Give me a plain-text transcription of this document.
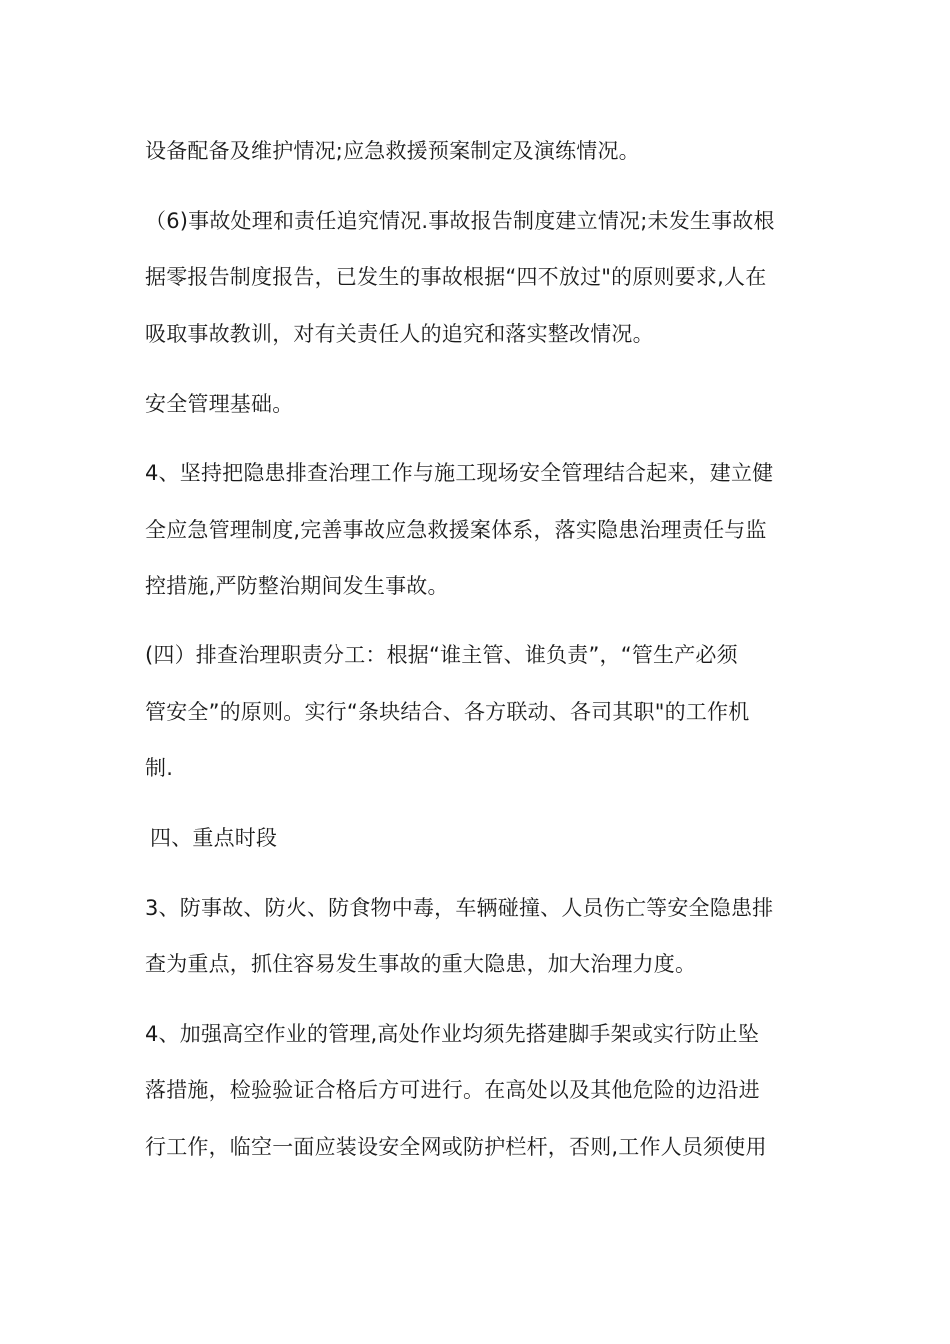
设备配备及维护情况;应急救援预案制定及演练情况。
（6)事故处理和责任追究情况.事故报告制度建立情况;未发生事故根
据零报告制度报告，已发生的事故根据“四不放过"的原则要求,人在
吸取事故教训，对有关责任人的追究和落实整改情况。
安全管理基础。
4、坚持把隐患排查治理工作与施工现场安全管理结合起来，建立健
全应急管理制度,完善事故应急救援案体系，落实隐患治理责任与监
控措施,严防整治期间发生事故。
(四）排查治理职责分工：根据“谁主管、谁负责”，“管生产必须
管安全”的原则。实行“条块结合、各方联动、各司其职"的工作机
制.
四、重点时段
3、防事故、防火、防食物中毒，车辆碰撞、人员伤亡等安全隐患排
查为重点，抓住容易发生事故的重大隐患，加大治理力度。
4、加强高空作业的管理,高处作业均须先搭建脚手架或实行防止坠
落措施，检验验证合格后方可进行。在高处以及其他危险的边沿进
行工作，临空一面应装设安全网或防护栏杆，否则,工作人员须使用
